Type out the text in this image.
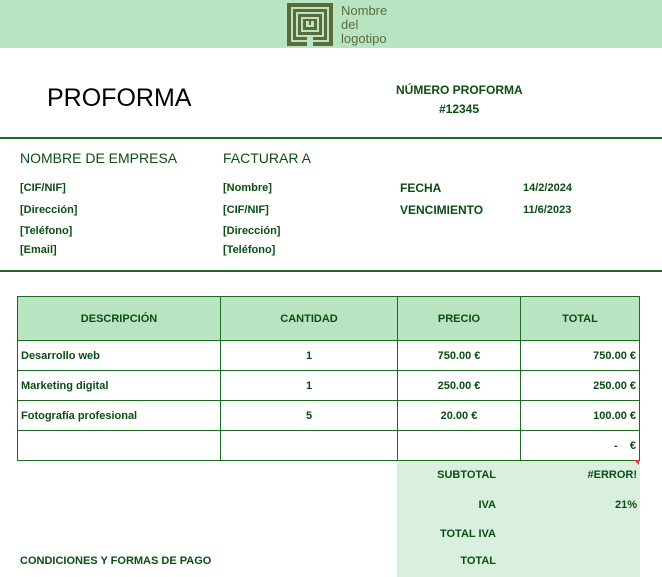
Nombre
del
logotipo
PROFORMA	NÚMERO PROFORMA
#12345
NOMBRE DE EMPRESA
[CIF/NIF]
[Dirección]
[Teléfono]
[Email]
FACTURAR A
[Nombre]
[CIF/NIF]
[Dirección]
[Teléfono]
FECHA	14/2/2024
VENCIMIENTO	11/6/2023
DESCRIPCIÓN	CANTIDAD	PRECIO	TOTAL
Desarrollo web	1	750.00 €	750.00 €
Marketing digital	1	250.00 €	250.00 €
Fotografía profesional	5	20.00 €	100.00 €
			-    €
SUBTOTAL	#ERROR!
IVA	21%
TOTAL IVA
TOTAL
CONDICIONES Y FORMAS DE PAGO
